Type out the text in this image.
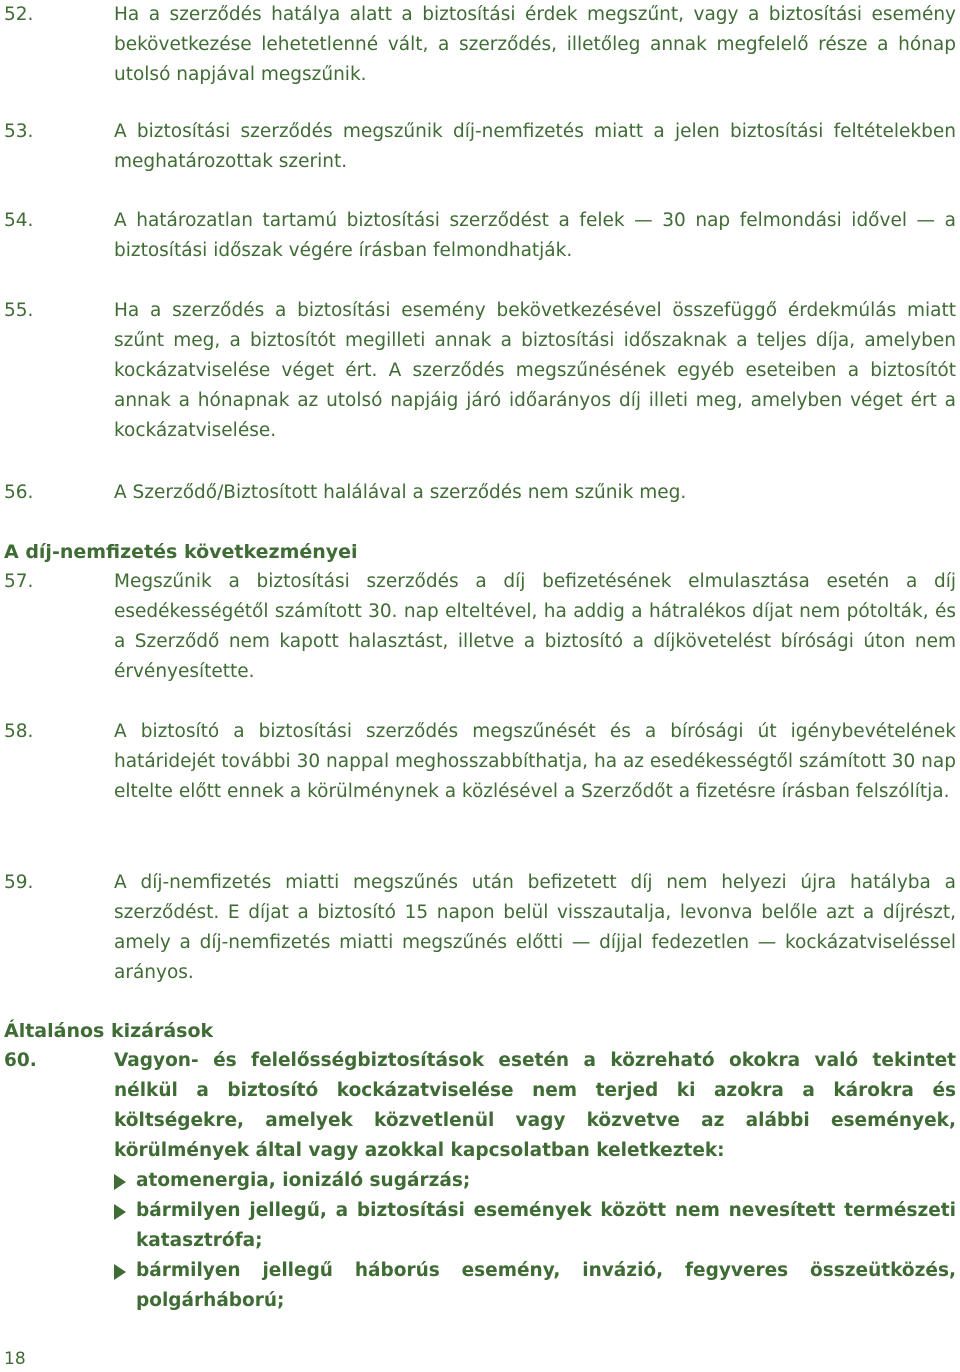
52.	Ha a szerződés hatálya alatt a biztosítási érdek megszűnt, vagy a biztosítási esemény bekövetkezése lehetetlenné vált, a szerződés, illetőleg annak megfelelő része a hónap utolsó napjával megszűnik.
53.	A biztosítási szerződés megszűnik díj-nemfizetés miatt a jelen biztosítási feltételekben meghatározottak szerint.
54.	A határozatlan tartamú biztosítási szerződést a felek — 30 nap felmondási idővel — a biztosítási időszak végére írásban felmondhatják.
55.	Ha a szerződés a biztosítási esemény bekövetkezésével összefüggő érdekmúlás miatt szűnt meg, a biztosítót megilleti annak a biztosítási időszaknak a teljes díja, amelyben kockázatviselése véget ért. A szerződés megszűnésének egyéb eseteiben a biztosítót annak a hónapnak az utolsó napjáig járó időarányos díj illeti meg, amelyben véget ért a kockázatviselése.
56.	A Szerződő/Biztosított halálával a szerződés nem szűnik meg.
A díj-nemfizetés következményei
57.	Megszűnik a biztosítási szerződés a díj befizetésének elmulasztása esetén a díj esedékességétől számított 30. nap elteltével, ha addig a hátralékos díjat nem pótolták, és a Szerződő nem kapott halasztást, illetve a biztosító a díjkövetelést bírósági úton nem érvényesítette.
58.	A biztosító a biztosítási szerződés megszűnését és a bírósági út igénybevételének határidejét további 30 nappal meghosszabbíthatja, ha az esedékességtől számított 30 nap eltelte előtt ennek a körülménynek a közlésével a Szerződőt a fizetésre írásban felszólítja.
59.	A díj-nemfizetés miatti megszűnés után befizetett díj nem helyezi újra hatályba a szerződést. E díjat a biztosító 15 napon belül visszautalja, levonva belőle azt a díjrészt, amely a díj-nemfizetés miatti megszűnés előtti — díjjal fedezetlen — kockázatviseléssel arányos.
Általános kizárások
60.	Vagyon- és felelősségbiztosítások esetén a közreható okokra való tekintet nélkül a biztosító kockázatviselése nem terjed ki azokra a károkra és költségekre, amelyek közvetlenül vagy közvetve az alábbi események, körülmények által vagy azokkal kapcsolatban keletkeztek:
atomenergia, ionizáló sugárzás;
bármilyen jellegű, a biztosítási események között nem nevesített természeti katasztrófa;
bármilyen jellegű háborús esemény, invázió, fegyveres összeütközés, polgárháború;
18
